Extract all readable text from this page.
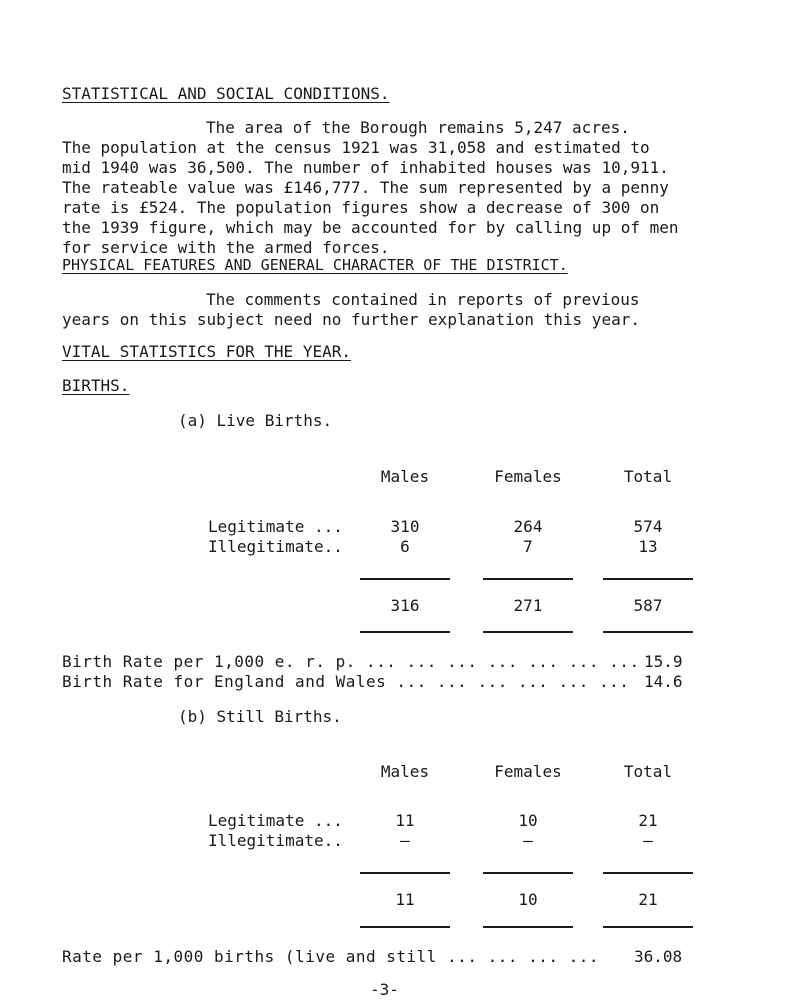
STATISTICAL AND SOCIAL CONDITIONS.
The area of the Borough remains 5,247 acres.
The population at the census 1921 was 31,058 and estimated to
mid 1940 was 36,500. The number of inhabited houses was 10,911.
The rateable value was £146,777. The sum represented by a penny
rate is £524. The population figures show a decrease of 300 on
the 1939 figure, which may be accounted for by calling up of men
for service with the armed forces.
PHYSICAL FEATURES AND GENERAL CHARACTER OF THE DISTRICT.
The comments contained in reports of previous
years on this subject need no further explanation this year.
VITAL STATISTICS FOR THE YEAR.
BIRTHS.
(a) Live Births.
Males	Females	Total
Legitimate ...	310	264	574
Illegitimate..	6	7	13
316	271	587
Birth Rate per 1,000 e. r. p. ... ... ... ... ... ... ... 15.9
Birth Rate for England and Wales ... ... ... ... ... ... 14.6
(b) Still Births.
Males	Females	Total
Legitimate ...	11	10	21
Illegitimate..	–	–	–
11	10	21
Rate per 1,000 births (live and still ... ... ... ... 36.08
-3-
